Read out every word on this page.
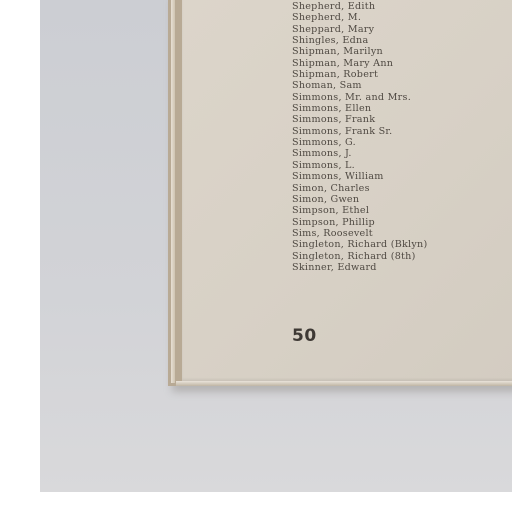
Shepherd, Edith
Shepherd, M.
Sheppard, Mary
Shingles, Edna
Shipman, Marilyn
Shipman, Mary Ann
Shipman, Robert
Shoman, Sam
Simmons, Mr. and Mrs.
Simmons, Ellen
Simmons, Frank
Simmons, Frank Sr.
Simmons, G.
Simmons, J.
Simmons, L.
Simmons, William
Simon, Charles
Simon, Gwen
Simpson, Ethel
Simpson, Phillip
Sims, Roosevelt
Singleton, Richard (Bklyn)
Singleton, Richard (8th)
Skinner, Edward
50
